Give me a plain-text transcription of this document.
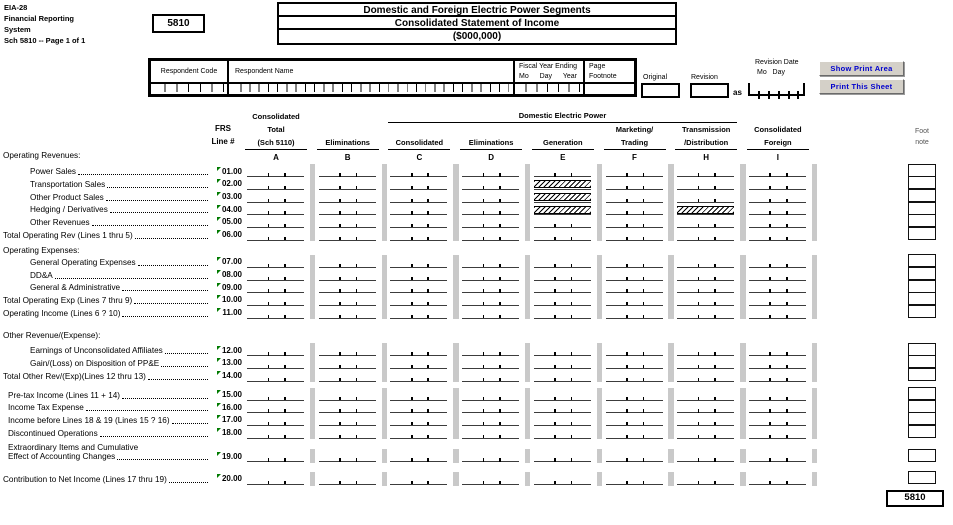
EIA-28
Financial Reporting
System
Sch 5810 -- Page 1 of 1
5810
Domestic and Foreign Electric Power Segments
Consolidated Statement of Income
($000,000)
Respondent Code	Respondent Name
Fiscal Year Ending
Mo Day Year
Page
Footnote	Original	Revision
as
Revision Date
Mo Day	Show Print Area
Print This Sheet
FRS
Line #
Domestic Electric Power
Foot
note
Consolidated
Total
(Sch 5110)
A
Eliminations
B
Consolidated
C
Eliminations
D
Generation
E
Marketing/
Trading
F
Transmission
/Distribution
H
Consolidated
Foreign
I
Operating Revenues:
Power Sales	01.00
Transportation Sales	02.00
Other Product Sales	03.00
Hedging / Derivatives	04.00
Other Revenues	05.00
Total Operating Rev (Lines 1 thru 5)	06.00
Operating Expenses:
General Operating Expenses	07.00
DD&A	08.00
General & Administrative	09.00
Total Operating Exp (Lines 7 thru 9)	10.00
Operating Income (Lines 6 ? 10)	11.00
Other Revenue/(Expense):
Earnings of Unconsolidated Affiliates	12.00
Gain/(Loss) on Disposition of PP&E	13.00
Total Other Rev/(Exp)(Lines 12 thru 13)	14.00
Pre-tax Income (Lines 11 + 14)	15.00
Income Tax Expense	16.00
Income before Lines 18 & 19 (Lines 15 ? 16)	17.00
Discontinued Operations	18.00
Extraordinary Items and Cumulative
Effect of Accounting Changes	19.00
Contribution to Net Income (Lines 17 thru 19)	20.00
5810
